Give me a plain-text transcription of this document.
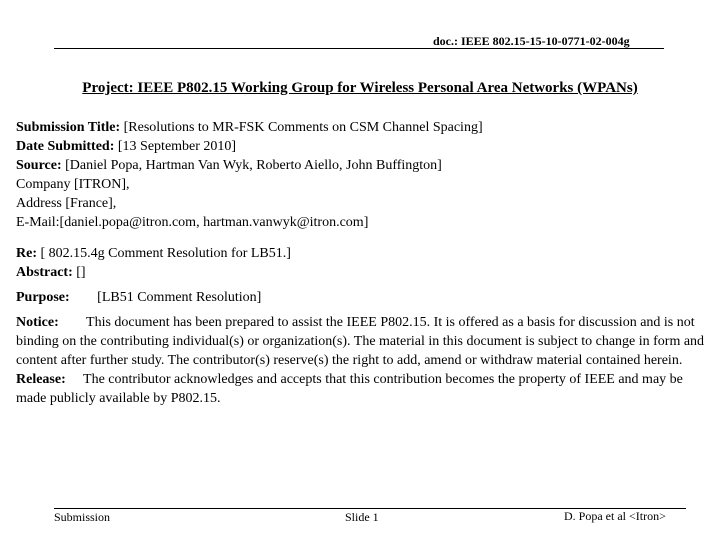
doc.: IEEE 802.15-15-10-0771-02-004g
Project: IEEE P802.15 Working Group for Wireless Personal Area Networks (WPANs)
Submission Title: [Resolutions to MR-FSK Comments on CSM Channel Spacing]
Date Submitted: [13 September 2010]
Source: [Daniel Popa, Hartman Van Wyk, Roberto Aiello, John Buffington]
Company [ITRON],
Address [France],
E-Mail:[daniel.popa@itron.com, hartman.vanwyk@itron.com]
Re: [ 802.15.4g Comment Resolution for LB51.]
Abstract: []
Purpose: [LB51 Comment Resolution]
Notice: This document has been prepared to assist the IEEE P802.15. It is offered as a basis for discussion and is not binding on the contributing individual(s) or organization(s). The material in this document is subject to change in form and content after further study. The contributor(s) reserve(s) the right to add, amend or withdraw material contained herein.
Release: The contributor acknowledges and accepts that this contribution becomes the property of IEEE and may be made publicly available by P802.15.
Submission	Slide 1	D. Popa et al <Itron>
